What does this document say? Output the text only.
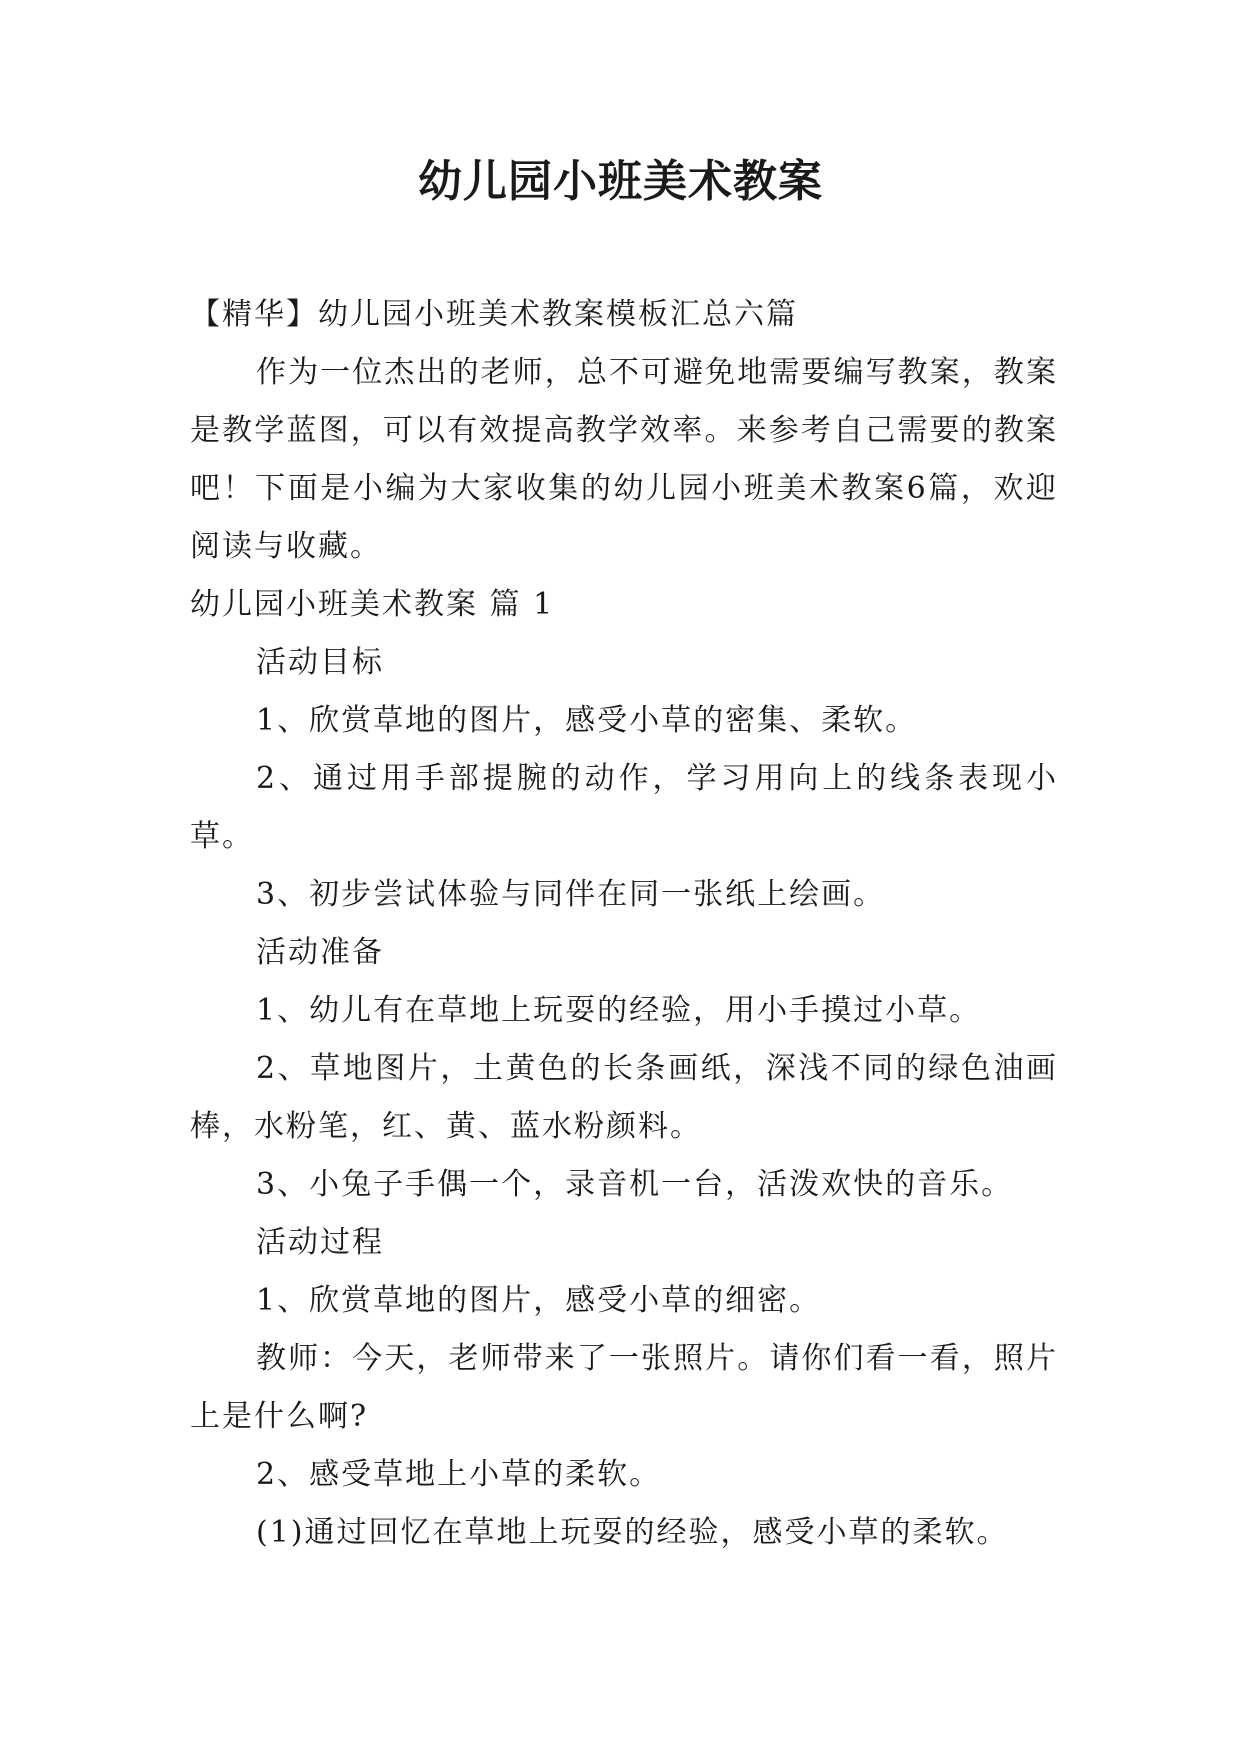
幼儿园小班美术教案

【精华】幼儿园小班美术教案模板汇总六篇

作为一位杰出的老师，总不可避免地需要编写教案，教案是教学蓝图，可以有效提高教学效率。来参考自己需要的教案吧！下面是小编为大家收集的幼儿园小班美术教案6篇，欢迎阅读与收藏。

幼儿园小班美术教案 篇 1

活动目标

1、欣赏草地的图片，感受小草的密集、柔软。

2、通过用手部提腕的动作，学习用向上的线条表现小草。

3、初步尝试体验与同伴在同一张纸上绘画。

活动准备

1、幼儿有在草地上玩耍的经验，用小手摸过小草。

2、草地图片，土黄色的长条画纸，深浅不同的绿色油画棒，水粉笔，红、黄、蓝水粉颜料。

3、小兔子手偶一个，录音机一台，活泼欢快的音乐。

活动过程

1、欣赏草地的图片，感受小草的细密。

教师：今天，老师带来了一张照片。请你们看一看，照片上是什么啊?

2、感受草地上小草的柔软。

(1)通过回忆在草地上玩耍的经验，感受小草的柔软。
